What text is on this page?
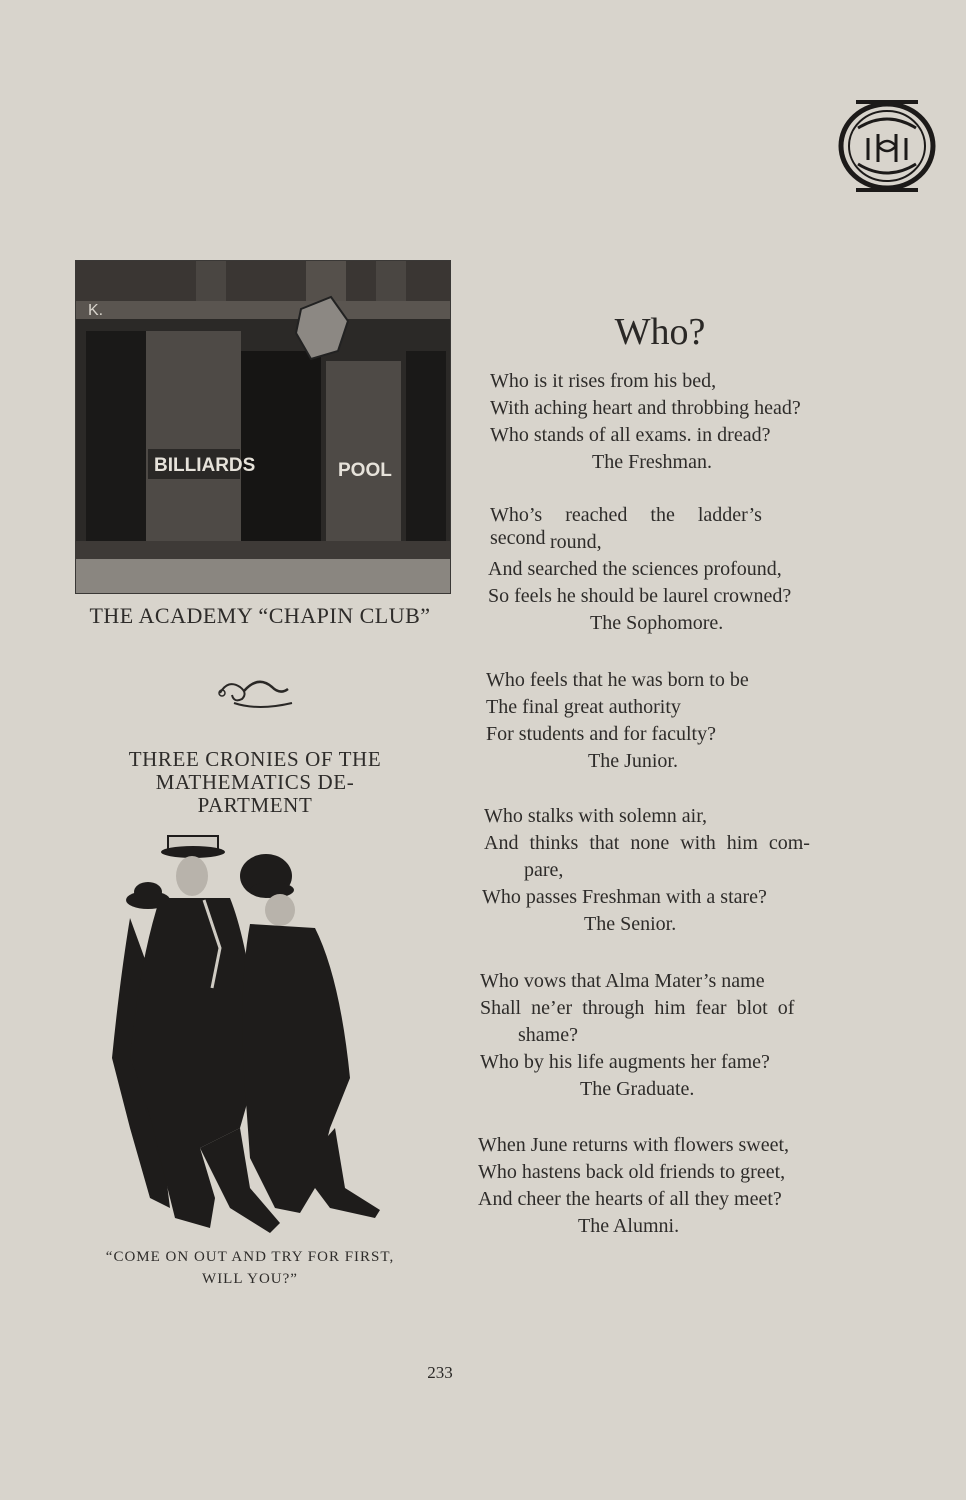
K.
BILLIARDS	POOL
THE ACADEMY “CHAPIN CLUB”
THREE CRONIES OF THE
MATHEMATICS DE-
PARTMENT
“COME ON OUT AND TRY FOR FIRST,
WILL YOU?”
Who?
Who is it rises from his bed,
With aching heart and throbbing head?
Who stands of all exams. in dread?
The Freshman.
Who’s reached the ladder’s second round,
And searched the sciences profound,
So feels he should be laurel crowned?
The Sophomore.
Who feels that he was born to be
The final great authority
For students and for faculty?
The Junior.
Who stalks with solemn air,
And thinks that none with him com-
pare,
Who passes Freshman with a stare?
The Senior.
Who vows that Alma Mater’s name
Shall ne’er through him fear blot of
shame?
Who by his life augments her fame?
The Graduate.
When June returns with flowers sweet,
Who hastens back old friends to greet,
And cheer the hearts of all they meet?
The Alumni.
233
